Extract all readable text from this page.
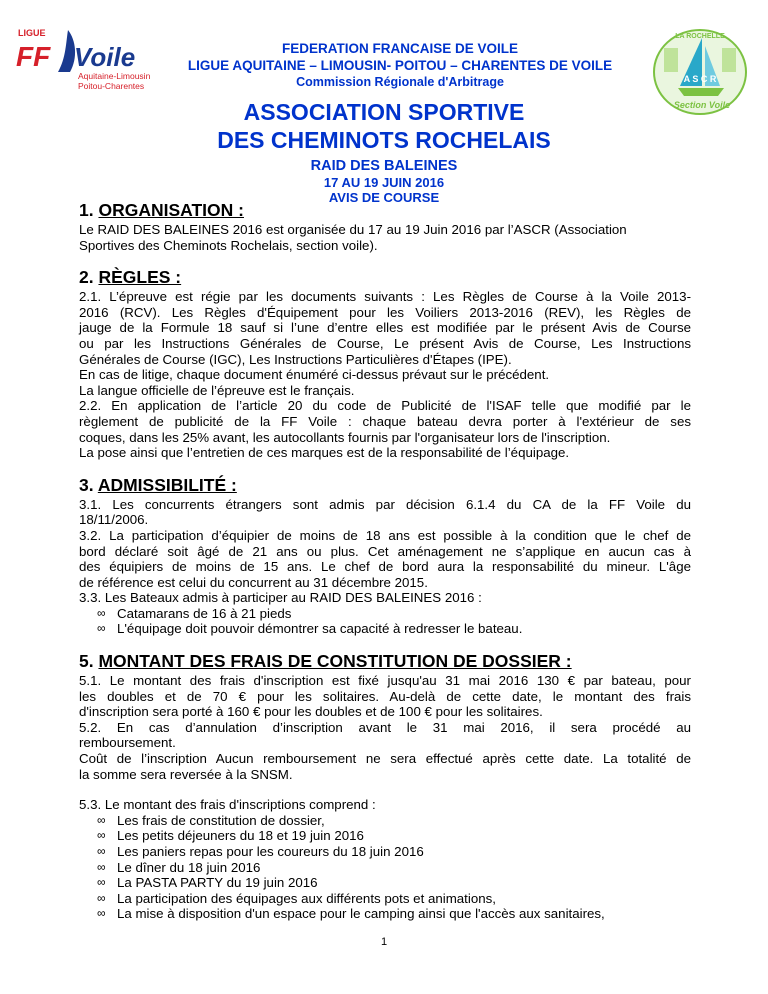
LIGUE
FF Voile
Aquitaine-Limousin
Poitou-Charentes
FEDERATION FRANCAISE DE VOILE
LIGUE AQUITAINE – LIMOUSIN- POITOU – CHARENTES DE VOILE
Commission Régionale d'Arbitrage
LA ROCHELLE
A S C R
Section Voile
ASSOCIATION SPORTIVE
DES CHEMINOTS ROCHELAIS
RAID DES BALEINES
17 AU 19 JUIN 2016
AVIS DE COURSE
1. ORGANISATION :

Le RAID DES BALEINES 2016 est organisée du 17 au 19 Juin 2016 par l’ASCR (Association

Sportives des Cheminots Rochelais, section voile).

2. RÈGLES :

2.1. L’épreuve est régie par les documents suivants : Les Règles de Course à la Voile 2013-

2016 (RCV). Les Règles d'Équipement pour les Voiliers 2013-2016 (REV), les Règles de

jauge de la Formule 18 sauf si l’une d’entre elles est modifiée par le présent Avis de Course

ou par les Instructions Générales de Course, Le présent Avis de Course, Les Instructions

Générales de Course (IGC), Les Instructions Particulières d'Étapes (IPE).

En cas de litige, chaque document énuméré ci-dessus prévaut sur le précédent.

La langue officielle de l’épreuve est le français.

2.2. En application de l’article 20 du code de Publicité de l'ISAF telle que modifié par le

règlement de publicité de la FF Voile : chaque bateau devra porter à l'extérieur de ses

coques, dans les 25% avant, les autocollants fournis par l'organisateur lors de l'inscription.

La pose ainsi que l’entretien de ces marques est de la responsabilité de l’équipage.

3. ADMISSIBILITÉ :

3.1. Les concurrents étrangers sont admis par décision 6.1.4 du CA de la FF Voile du

18/11/2006.

3.2. La participation d’équipier de moins de 18 ans est possible à la condition que le chef de

bord déclaré soit âgé de 21 ans ou plus. Cet aménagement ne s’applique en aucun cas à

des équipiers de moins de 15 ans. Le chef de bord aura la responsabilité du mineur. L'âge

de référence est celui du concurrent au 31 décembre 2015.

3.3. Les Bateaux admis à participer au RAID DES BALEINES 2016 :

∞ Catamarans de 16 à 21 pieds
∞ L'équipage doit pouvoir démontrer sa capacité à redresser le bateau.
5. MONTANT DES FRAIS DE CONSTITUTION DE DOSSIER :

5.1. Le montant des frais d'inscription est fixé jusqu'au 31 mai 2016 130 € par bateau, pour

les doubles et de 70 € pour les solitaires. Au-delà de cette date, le montant des frais

d'inscription sera porté à 160 € pour les doubles et de 100 € pour les solitaires.

5.2. En cas d’annulation d’inscription avant le 31 mai 2016, il sera procédé au

remboursement.

Coût de l’inscription Aucun remboursement ne sera effectué après cette date. La totalité de

la somme sera reversée à la SNSM.

5.3. Le montant des frais d'inscriptions comprend :

∞ Les frais de constitution de dossier,
∞ Les petits déjeuners du 18 et 19 juin 2016
∞ Les paniers repas pour les coureurs du 18 juin 2016
∞ Le dîner du 18 juin 2016
∞ La PASTA PARTY du 19 juin 2016
∞ La participation des équipages aux différents pots et animations,
∞ La mise à disposition d'un espace pour le camping ainsi que l'accès aux sanitaires,
1
